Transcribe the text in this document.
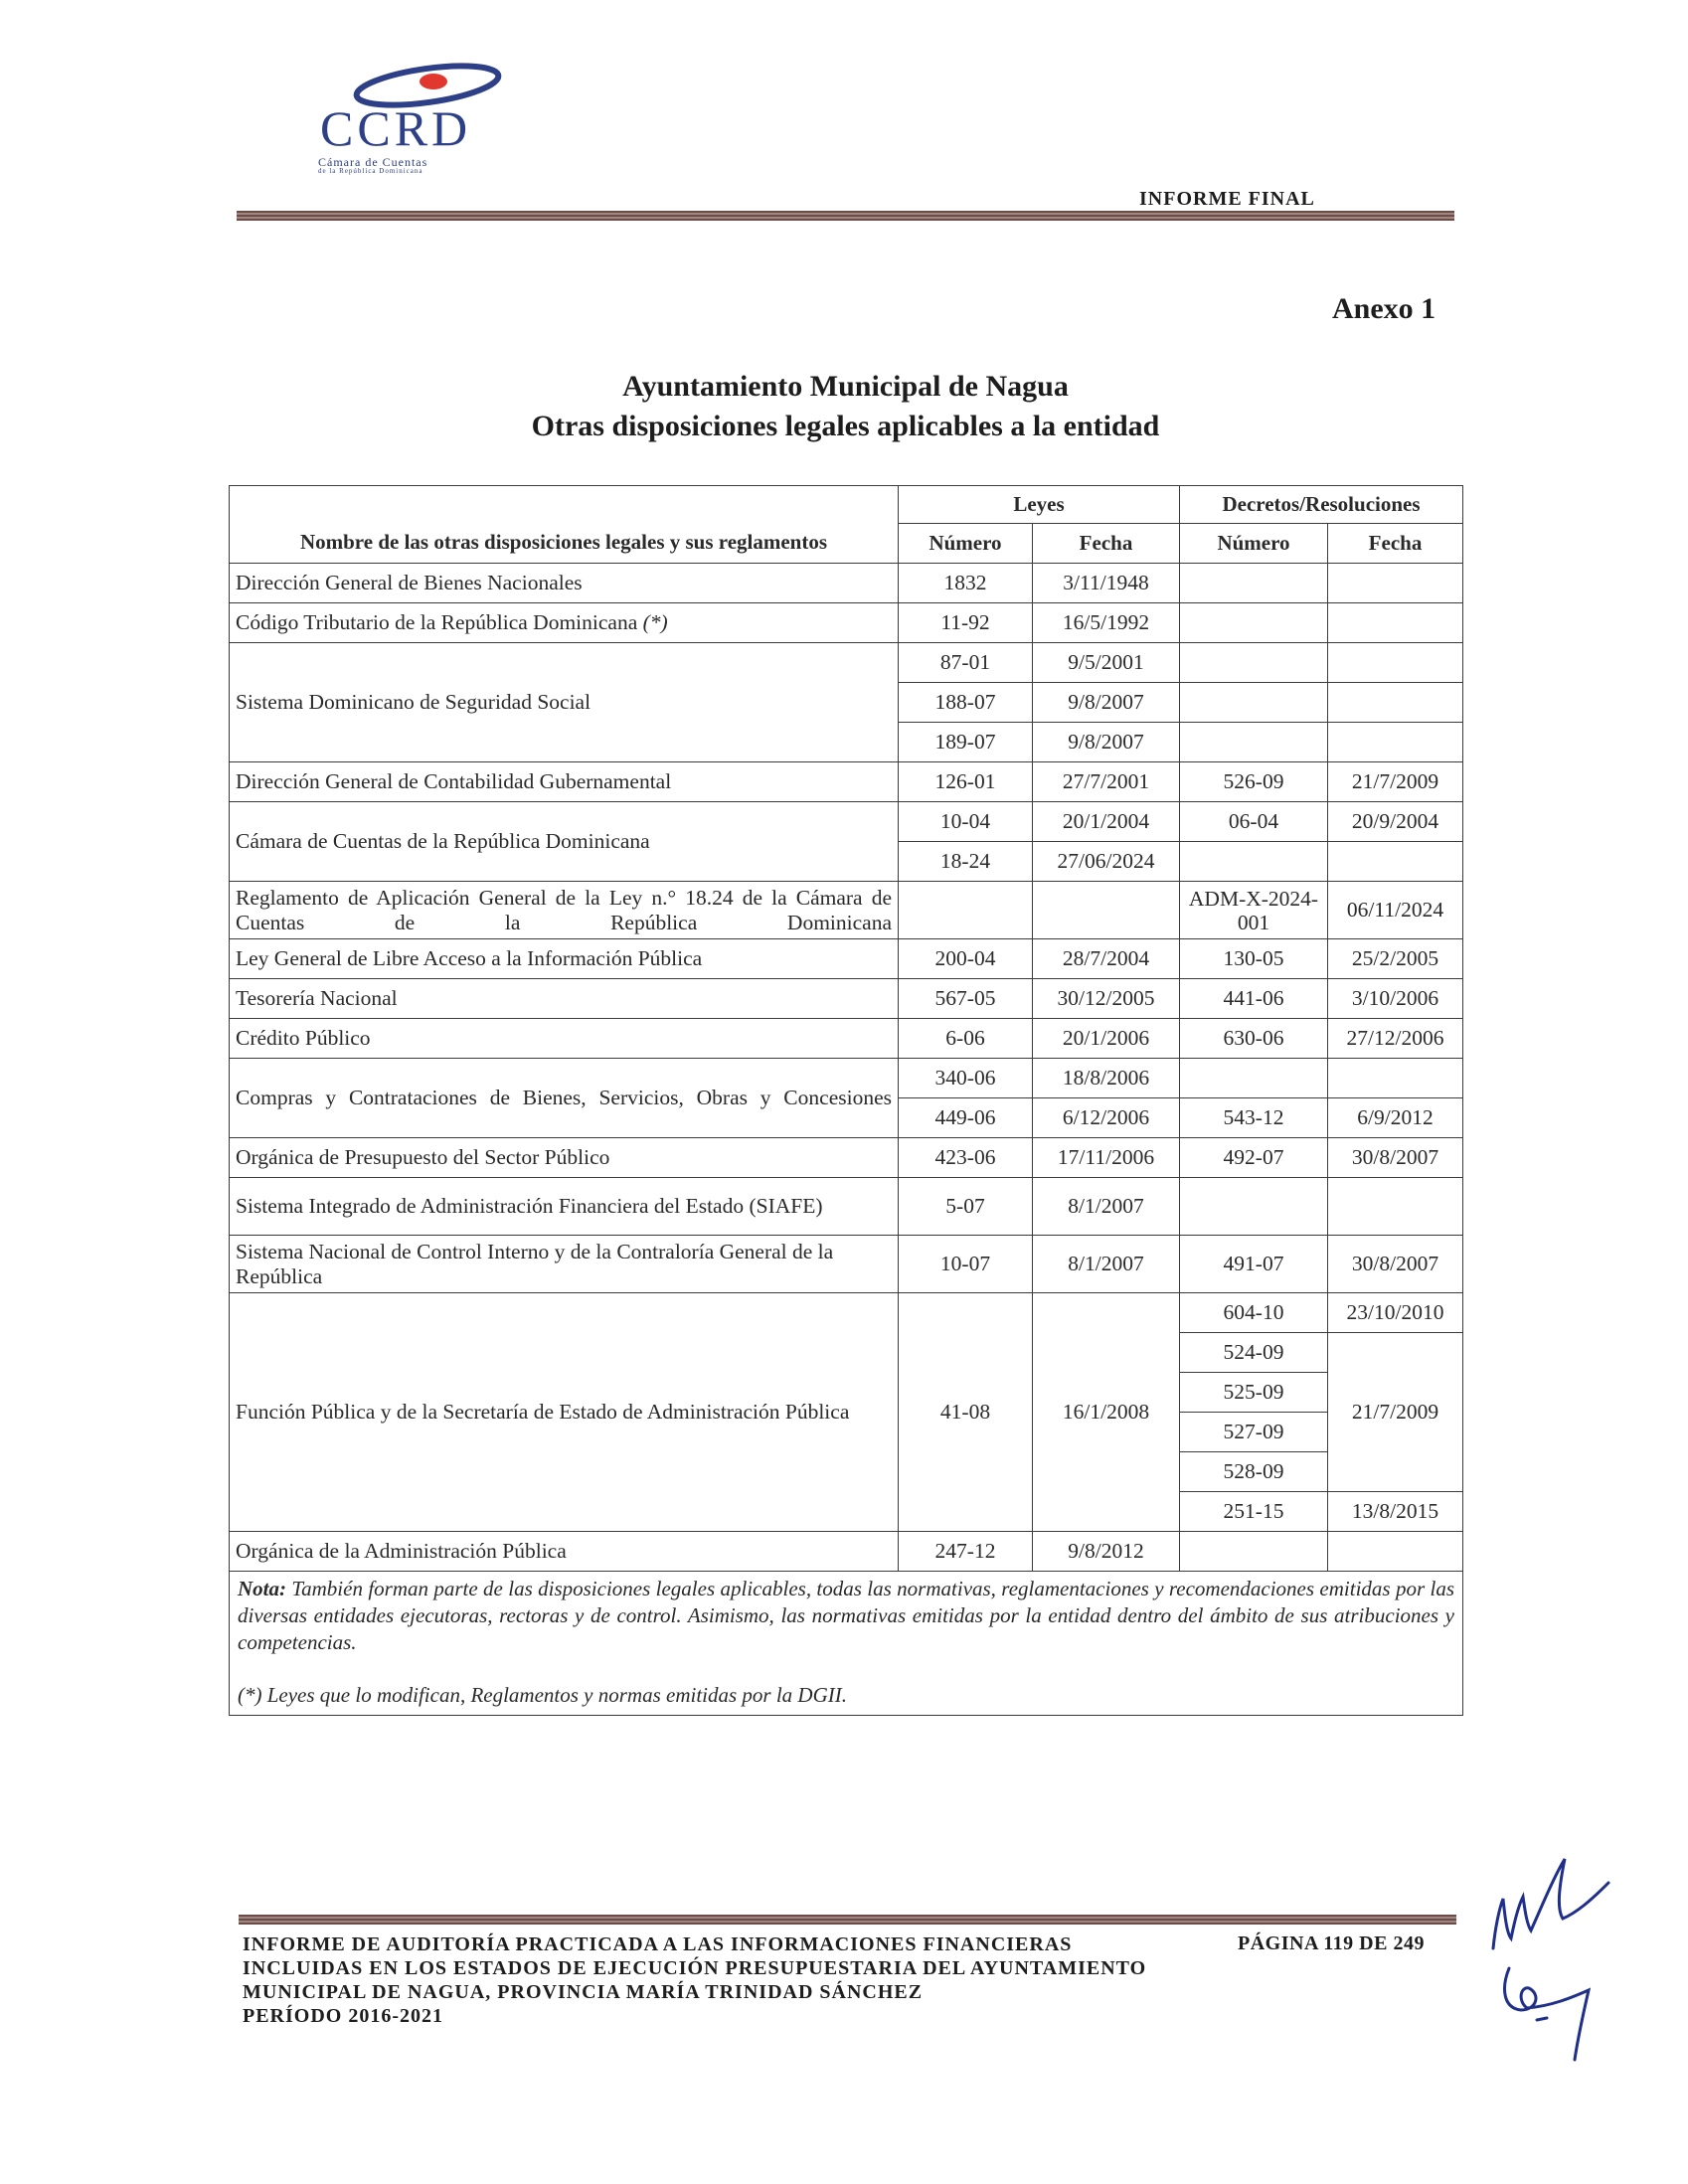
CCRD
Cámara de Cuentas
de la República Dominicana
INFORME FINAL
Anexo 1
Ayuntamiento Municipal de Nagua
Otras disposiciones legales aplicables a la entidad
Nombre de las otras disposiciones legales y sus reglamentos	Leyes		Decretos/Resoluciones	
	Número	Fecha	Número	Fecha
Dirección General de Bienes Nacionales	1832	3/11/1948		
Código Tributario de la República Dominicana (*)	11-92	16/5/1992		
Sistema Dominicano de Seguridad Social	87-01	9/5/2001		
	188-07	9/8/2007		
	189-07	9/8/2007		
Dirección General de Contabilidad Gubernamental	126-01	27/7/2001	526-09	21/7/2009
Cámara de Cuentas de la República Dominicana	10-04	20/1/2004	06-04	20/9/2004
	18-24	27/06/2024		
Reglamento de Aplicación General de la Ley n.° 18.24 de la Cámara de Cuentas de la República Dominicana			ADM-X-2024-001	06/11/2024
Ley General de Libre Acceso a la Información Pública	200-04	28/7/2004	130-05	25/2/2005
Tesorería Nacional	567-05	30/12/2005	441-06	3/10/2006
Crédito Público	6-06	20/1/2006	630-06	27/12/2006
Compras y Contrataciones de Bienes, Servicios, Obras y Concesiones	340-06	18/8/2006		
	449-06	6/12/2006	543-12	6/9/2012
Orgánica de Presupuesto del Sector Público	423-06	17/11/2006	492-07	30/8/2007
Sistema Integrado de Administración Financiera del Estado (SIAFE)	5-07	8/1/2007		
Sistema Nacional de Control Interno y de la Contraloría General de la República	10-07	8/1/2007	491-07	30/8/2007
Función Pública y de la Secretaría de Estado de Administración Pública	41-08	16/1/2008	604-10	23/10/2010
			524-09	21/7/2009
			525-09	
			527-09	
			528-09	
			251-15	13/8/2015
Orgánica de la Administración Pública	247-12	9/8/2012		

Nota: También forman parte de las disposiciones legales aplicables, todas las normativas, reglamentaciones y recomendaciones emitidas por las diversas entidades ejecutoras, rectoras y de control. Asimismo, las normativas emitidas por la entidad dentro del ámbito de sus atribuciones y competencias.
(*) Leyes que lo modifican, Reglamentos y normas emitidas por la DGII.				
INFORME DE AUDITORÍA PRACTICADA A LAS INFORMACIONES FINANCIERAS
INCLUIDAS EN LOS ESTADOS DE EJECUCIÓN PRESUPUESTARIA DEL AYUNTAMIENTO
MUNICIPAL DE NAGUA, PROVINCIA MARÍA TRINIDAD SÁNCHEZ
PERÍODO 2016-2021
PÁGINA 119 DE 249
